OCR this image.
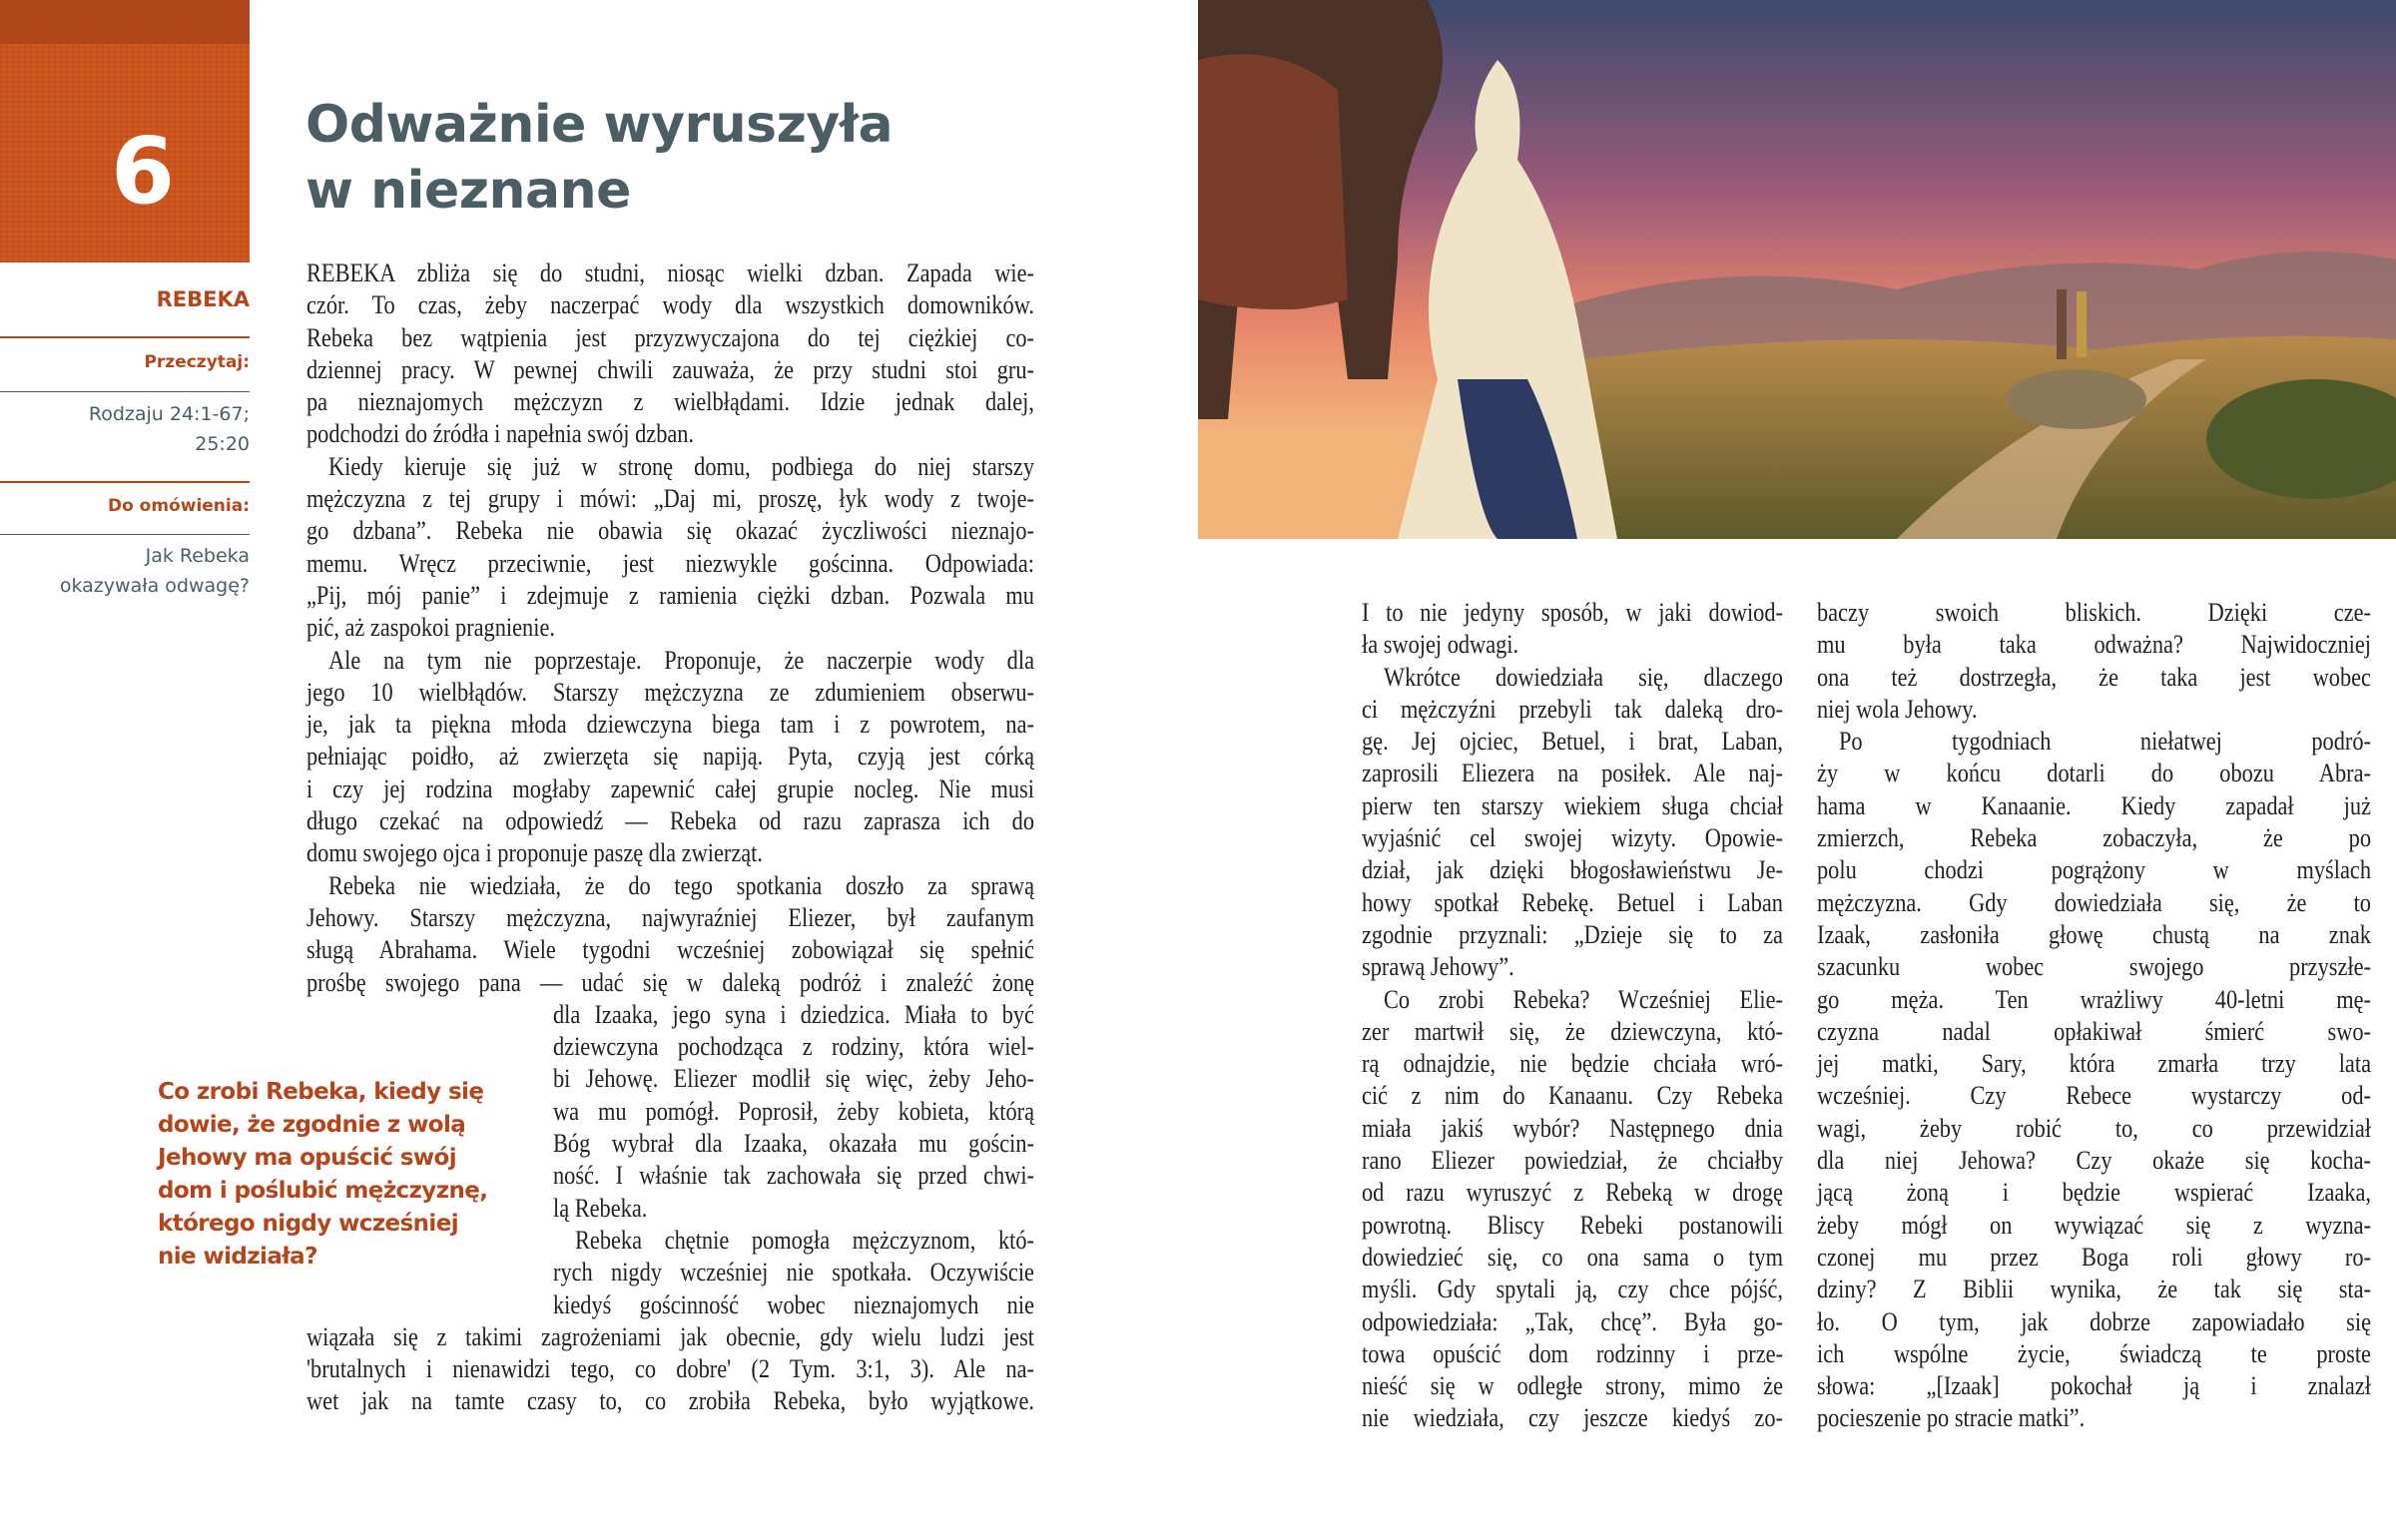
6	Odważnie wyruszyła
w nieznane
REBEKA
Przeczytaj:
Rodzaju 24:1-67;
25:20
Do omówienia:
Jak Rebeka
okazywała odwagę?
Co zrobi Rebeka, kiedy się
dowie, że zgodnie z wolą
Jehowy ma opuścić swój
dom i poślubić mężczyznę,
którego nigdy wcześniej
nie widziała?
REBEKA zbliża się do studni, niosąc wielki dzban. Zapada wie-
czór. To czas, żeby naczerpać wody dla wszystkich domowników.
Rebeka bez wątpienia jest przyzwyczajona do tej ciężkiej co-
dziennej pracy. W pewnej chwili zauważa, że przy studni stoi gru-
pa nieznajomych mężczyzn z wielbłądami. Idzie jednak dalej,
podchodzi do źródła i napełnia swój dzban.
Kiedy kieruje się już w stronę domu, podbiega do niej starszy
mężczyzna z tej grupy i mówi: „Daj mi, proszę, łyk wody z twoje-
go dzbana”. Rebeka nie obawia się okazać życzliwości nieznajo-
memu. Wręcz przeciwnie, jest niezwykle gościnna. Odpowiada:
„Pij, mój panie” i zdejmuje z ramienia ciężki dzban. Pozwala mu
pić, aż zaspokoi pragnienie.
Ale na tym nie poprzestaje. Proponuje, że naczerpie wody dla
jego 10 wielbłądów. Starszy mężczyzna ze zdumieniem obserwu-
je, jak ta piękna młoda dziewczyna biega tam i z powrotem, na-
pełniając poidło, aż zwierzęta się napiją. Pyta, czyją jest córką
i czy jej rodzina mogłaby zapewnić całej grupie nocleg. Nie musi
długo czekać na odpowiedź — Rebeka od razu zaprasza ich do
domu swojego ojca i proponuje paszę dla zwierząt.
Rebeka nie wiedziała, że do tego spotkania doszło za sprawą
Jehowy. Starszy mężczyzna, najwyraźniej Eliezer, był zaufanym
sługą Abrahama. Wiele tygodni wcześniej zobowiązał się spełnić
prośbę swojego pana — udać się w daleką podróż i znaleźć żonę
dla Izaaka, jego syna i dziedzica. Miała to być
dziewczyna pochodząca z rodziny, która wiel-
bi Jehowę. Eliezer modlił się więc, żeby Jeho-
wa mu pomógł. Poprosił, żeby kobieta, którą
Bóg wybrał dla Izaaka, okazała mu gościn-
ność. I właśnie tak zachowała się przed chwi-
lą Rebeka.
Rebeka chętnie pomogła mężczyznom, któ-
rych nigdy wcześniej nie spotkała. Oczywiście
kiedyś gościnność wobec nieznajomych nie
wiązała się z takimi zagrożeniami jak obecnie, gdy wielu ludzi jest
'brutalnych i nienawidzi tego, co dobre' (2 Tym. 3:1, 3). Ale na-
wet jak na tamte czasy to, co zrobiła Rebeka, było wyjątkowe.
I to nie jedyny sposób, w jaki dowiod-
ła swojej odwagi.
Wkrótce dowiedziała się, dlaczego
ci mężczyźni przebyli tak daleką dro-
gę. Jej ojciec, Betuel, i brat, Laban,
zaprosili Eliezera na posiłek. Ale naj-
pierw ten starszy wiekiem sługa chciał
wyjaśnić cel swojej wizyty. Opowie-
dział, jak dzięki błogosławieństwu Je-
howy spotkał Rebekę. Betuel i Laban
zgodnie przyznali: „Dzieje się to za
sprawą Jehowy”.
Co zrobi Rebeka? Wcześniej Elie-
zer martwił się, że dziewczyna, któ-
rą odnajdzie, nie będzie chciała wró-
cić z nim do Kanaanu. Czy Rebeka
miała jakiś wybór? Następnego dnia
rano Eliezer powiedział, że chciałby
od razu wyruszyć z Rebeką w drogę
powrotną. Bliscy Rebeki postanowili
dowiedzieć się, co ona sama o tym
myśli. Gdy spytali ją, czy chce pójść,
odpowiedziała: „Tak, chcę”. Była go-
towa opuścić dom rodzinny i prze-
nieść się w odległe strony, mimo że
nie wiedziała, czy jeszcze kiedyś zo-
baczy swoich bliskich. Dzięki cze-
mu była taka odważna? Najwidoczniej
ona też dostrzegła, że taka jest wobec
niej wola Jehowy.
Po tygodniach niełatwej podró-
ży w końcu dotarli do obozu Abra-
hama w Kanaanie. Kiedy zapadał już
zmierzch, Rebeka zobaczyła, że po
polu chodzi pogrążony w myślach
mężczyzna. Gdy dowiedziała się, że to
Izaak, zasłoniła głowę chustą na znak
szacunku wobec swojego przyszłe-
go męża. Ten wrażliwy 40-letni mę-
czyzna nadal opłakiwał śmierć swo-
jej matki, Sary, która zmarła trzy lata
wcześniej. Czy Rebece wystarczy od-
wagi, żeby robić to, co przewidział
dla niej Jehowa? Czy okaże się kocha-
jącą żoną i będzie wspierać Izaaka,
żeby mógł on wywiązać się z wyzna-
czonej mu przez Boga roli głowy ro-
dziny? Z Biblii wynika, że tak się sta-
ło. O tym, jak dobrze zapowiadało się
ich wspólne życie, świadczą te proste
słowa: „[Izaak] pokochał ją i znalazł
pocieszenie po stracie matki”.
